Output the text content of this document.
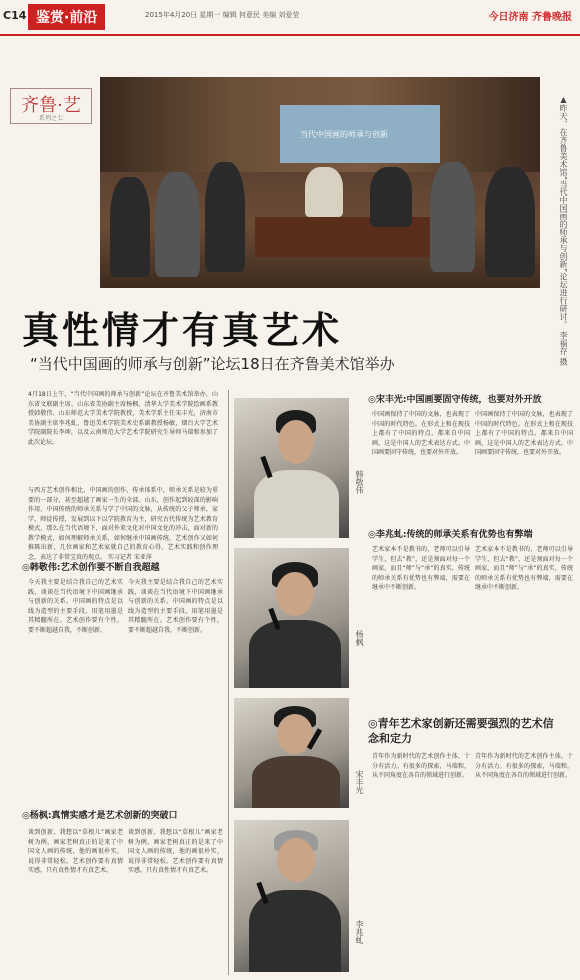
C14 鉴赏·前沿	2015年4月20日 星期一 编辑 何意民 美编 刘爱莹	今日济南 齐鲁晚报
齐鲁·艺
系列之七
当代中国画的师承与创新	▲昨天，在齐鲁美术馆“当代中国画的师承与创新”论坛进行研讨。 李福存 摄
真性情才有真艺术
“当代中国画的师承与创新”论坛18日在齐鲁美术馆举办
4月18日上午，“当代中国画的师承与创新”论坛在齐鲁美术馆举办，山东省文联副主席、山东省美协副主席杨枫、清华大学美术学院绘画系教授韩敬伟、山东师范大学美术学院教授，美术学系主任宋丰光，济南市美协副主席李兆虬，鲁迅美术学院美术史系副教授杨敏，烟台大学艺术学院副院长李坤，以及云南师范大学艺术学院研究生导师马瑞和参加了此次论坛。
与西方艺术创作相比，中国画的创作，传承体系中，师承关系是较为重要的一部分，甚至超越了画家一生的全部。山东，创作起到较深的影响作用，中国传统的师承关系与学了中国的文脉，从传统的父子师承，家学，师徒传授，发展到以下以学院教育为主，研究古代传统为艺术教育模式，那么在当代语境下，面对外来文化对中国文化的冲击，面对新的教学模式，如何理解师承关系，如何继承中国画传统，艺术创作又如何推陈出新，几位画家和艺术家就自己的教育心得，艺术实践和创作理念，表达了非常宝贵的观点。 实习记者 宋亚萍
◎韩敬伟:艺术创作要不断自我超越
今天我主要是结合我自己的艺术实践，谈谈在当代语境下中国画继承与创新的关系。中国画的特点是以线为造型的主要手段，用笔用墨是其精髓所在。艺术创作要有个性，要不断超越自我，不断创新。
今天我主要是结合我自己的艺术实践，谈谈在当代语境下中国画继承与创新的关系。中国画的特点是以线为造型的主要手段，用笔用墨是其精髓所在。艺术创作要有个性，要不断超越自我，不断创新。
◎杨枫:真情实感才是艺术创新的突破口
谈到创新，我想以“草根儿”画家老树为例，画家老树真正的是来了中国文人画的传统，他的画很朴实，说得非常轻松。艺术创作要有真情实感，只有真性情才有真艺术。
谈到创新，我想以“草根儿”画家老树为例，画家老树真正的是来了中国文人画的传统，他的画很朴实，说得非常轻松。艺术创作要有真情实感，只有真性情才有真艺术。
韩敬伟
杨枫
宋丰光
李兆虬
◎宋丰光:中国画要固守传统，也要对外开放
中国画保持了中国的文脉，也表现了中国的时代特色。在形式上和在现技上都有了中国的特点，都来自中国画，这是中国人的艺术表达方式。中国画要固守传统，也要对外开放。
中国画保持了中国的文脉，也表现了中国的时代特色。在形式上和在现技上都有了中国的特点，都来自中国画，这是中国人的艺术表达方式。中国画要固守传统，也要对外开放。
◎李兆虬:传统的师承关系有优势也有弊端
艺术家本不是教书的，老师可以引导学生，但去“教”，还是须面对每一个画家，而且“师”与“承”的真实，传统的师承关系有优势也有弊端，需要在继承中不断创新。
艺术家本不是教书的，老师可以引导学生，但去“教”，还是须面对每一个画家，而且“师”与“承”的真实，传统的师承关系有优势也有弊端，需要在继承中不断创新。
◎青年艺术家创新还需要强烈的艺术信念和定力
青年作为新时代的艺术创作主体，十分有活力。有很多的探索，马瑞和，从不同角度在各自的领域进行创新。
青年作为新时代的艺术创作主体，十分有活力。有很多的探索，马瑞和，从不同角度在各自的领域进行创新。
